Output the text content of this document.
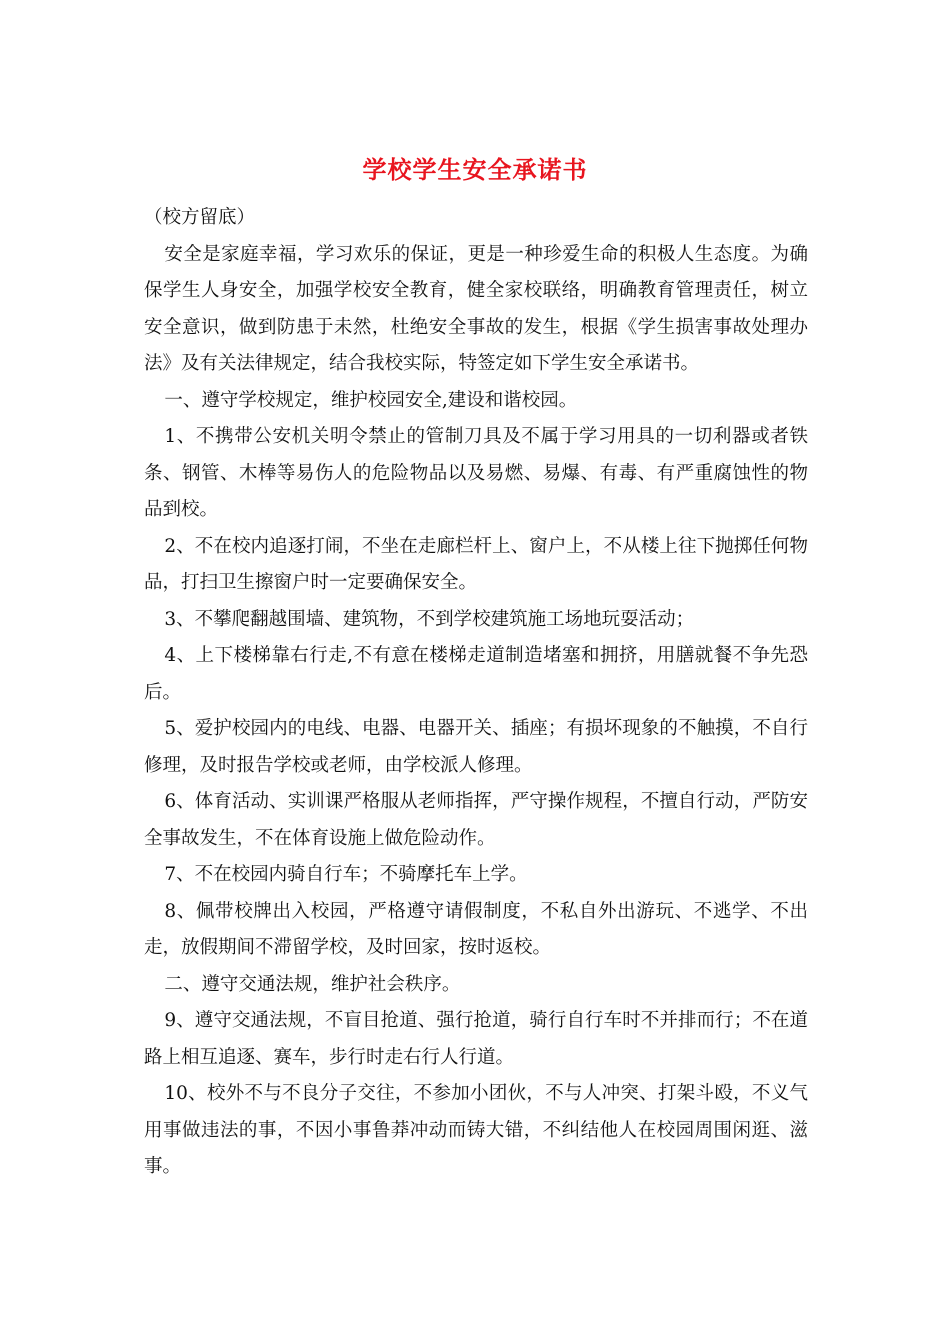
学校学生安全承诺书

（校方留底）

安全是家庭幸福，学习欢乐的保证，更是一种珍爱生命的积极人生态度。为确保学生人身安全，加强学校安全教育，健全家校联络，明确教育管理责任，树立安全意识，做到防患于未然，杜绝安全事故的发生，根据《学生损害事故处理办法》及有关法律规定，结合我校实际，特签定如下学生安全承诺书。

一、遵守学校规定，维护校园安全,建设和谐校园。

1、不携带公安机关明令禁止的管制刀具及不属于学习用具的一切利器或者铁条、钢管、木棒等易伤人的危险物品以及易燃、易爆、有毒、有严重腐蚀性的物品到校。

2、不在校内追逐打闹，不坐在走廊栏杆上、窗户上，不从楼上往下抛掷任何物品，打扫卫生擦窗户时一定要确保安全。

3、不攀爬翻越围墙、建筑物，不到学校建筑施工场地玩耍活动；

4、上下楼梯靠右行走,不有意在楼梯走道制造堵塞和拥挤，用膳就餐不争先恐后。

5、爱护校园内的电线、电器、电器开关、插座；有损坏现象的不触摸，不自行修理，及时报告学校或老师，由学校派人修理。

6、体育活动、实训课严格服从老师指挥，严守操作规程，不擅自行动，严防安全事故发生，不在体育设施上做危险动作。

7、不在校园内骑自行车；不骑摩托车上学。

8、佩带校牌出入校园，严格遵守请假制度，不私自外出游玩、不逃学、不出走，放假期间不滞留学校，及时回家，按时返校。

二、遵守交通法规，维护社会秩序。

9、遵守交通法规，不盲目抢道、强行抢道，骑行自行车时不并排而行；不在道路上相互追逐、赛车，步行时走右行人行道。

10、校外不与不良分子交往，不参加小团伙，不与人冲突、打架斗殴，不义气用事做违法的事，不因小事鲁莽冲动而铸大错，不纠结他人在校园周围闲逛、滋事。
